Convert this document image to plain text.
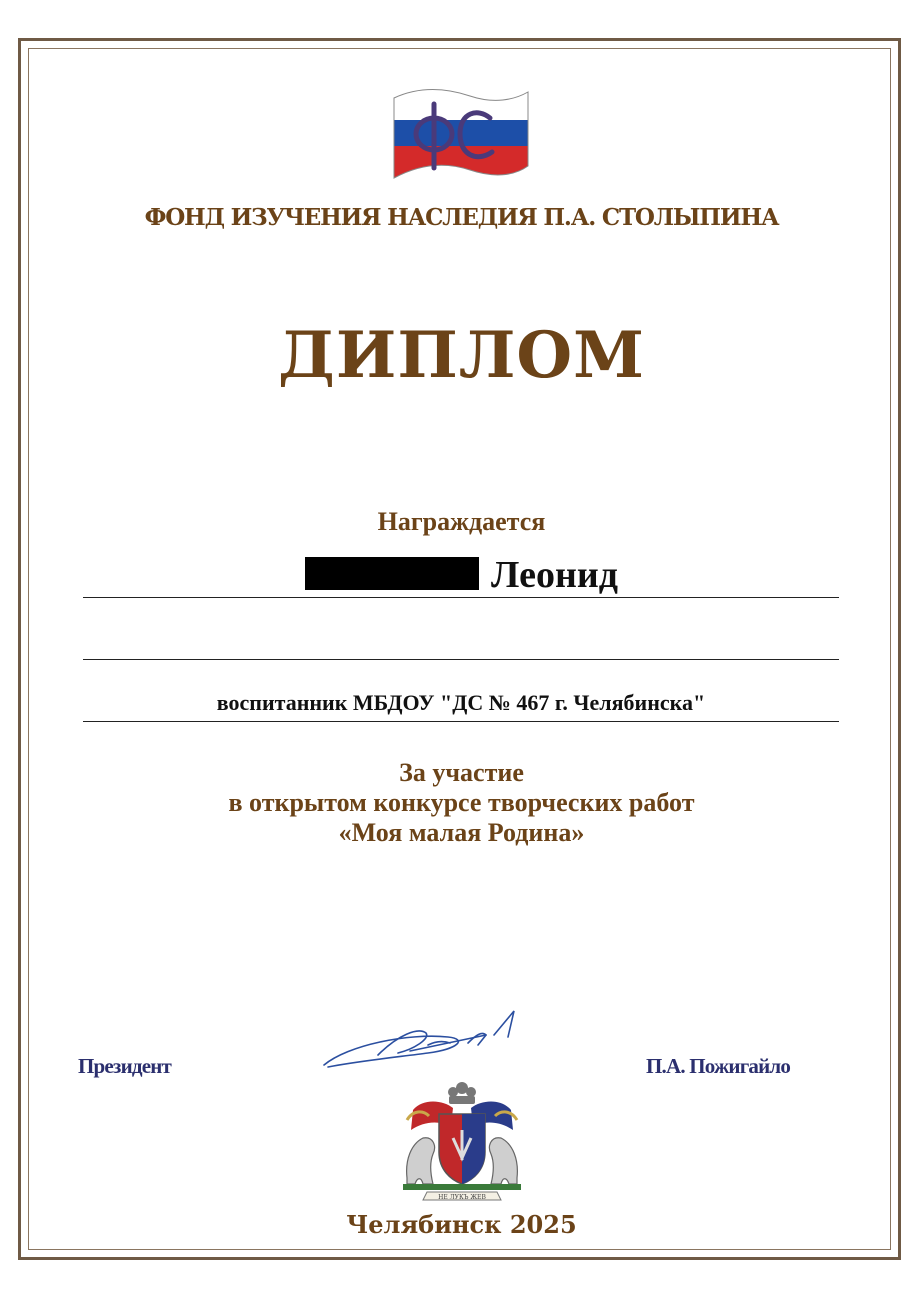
ФОНД ИЗУЧЕНИЯ НАСЛЕДИЯ П.А. СТОЛЫПИНА
ДИПЛОМ
Награждается
Леонид
воспитанник МБДОУ "ДС № 467 г. Челябинска"
За участие
в открытом конкурсе творческих работ
«Моя малая Родина»
Президент	П.А. Пожигайло
НЕ ЛУКЪ ЖЕВ
Челябинск 2025
